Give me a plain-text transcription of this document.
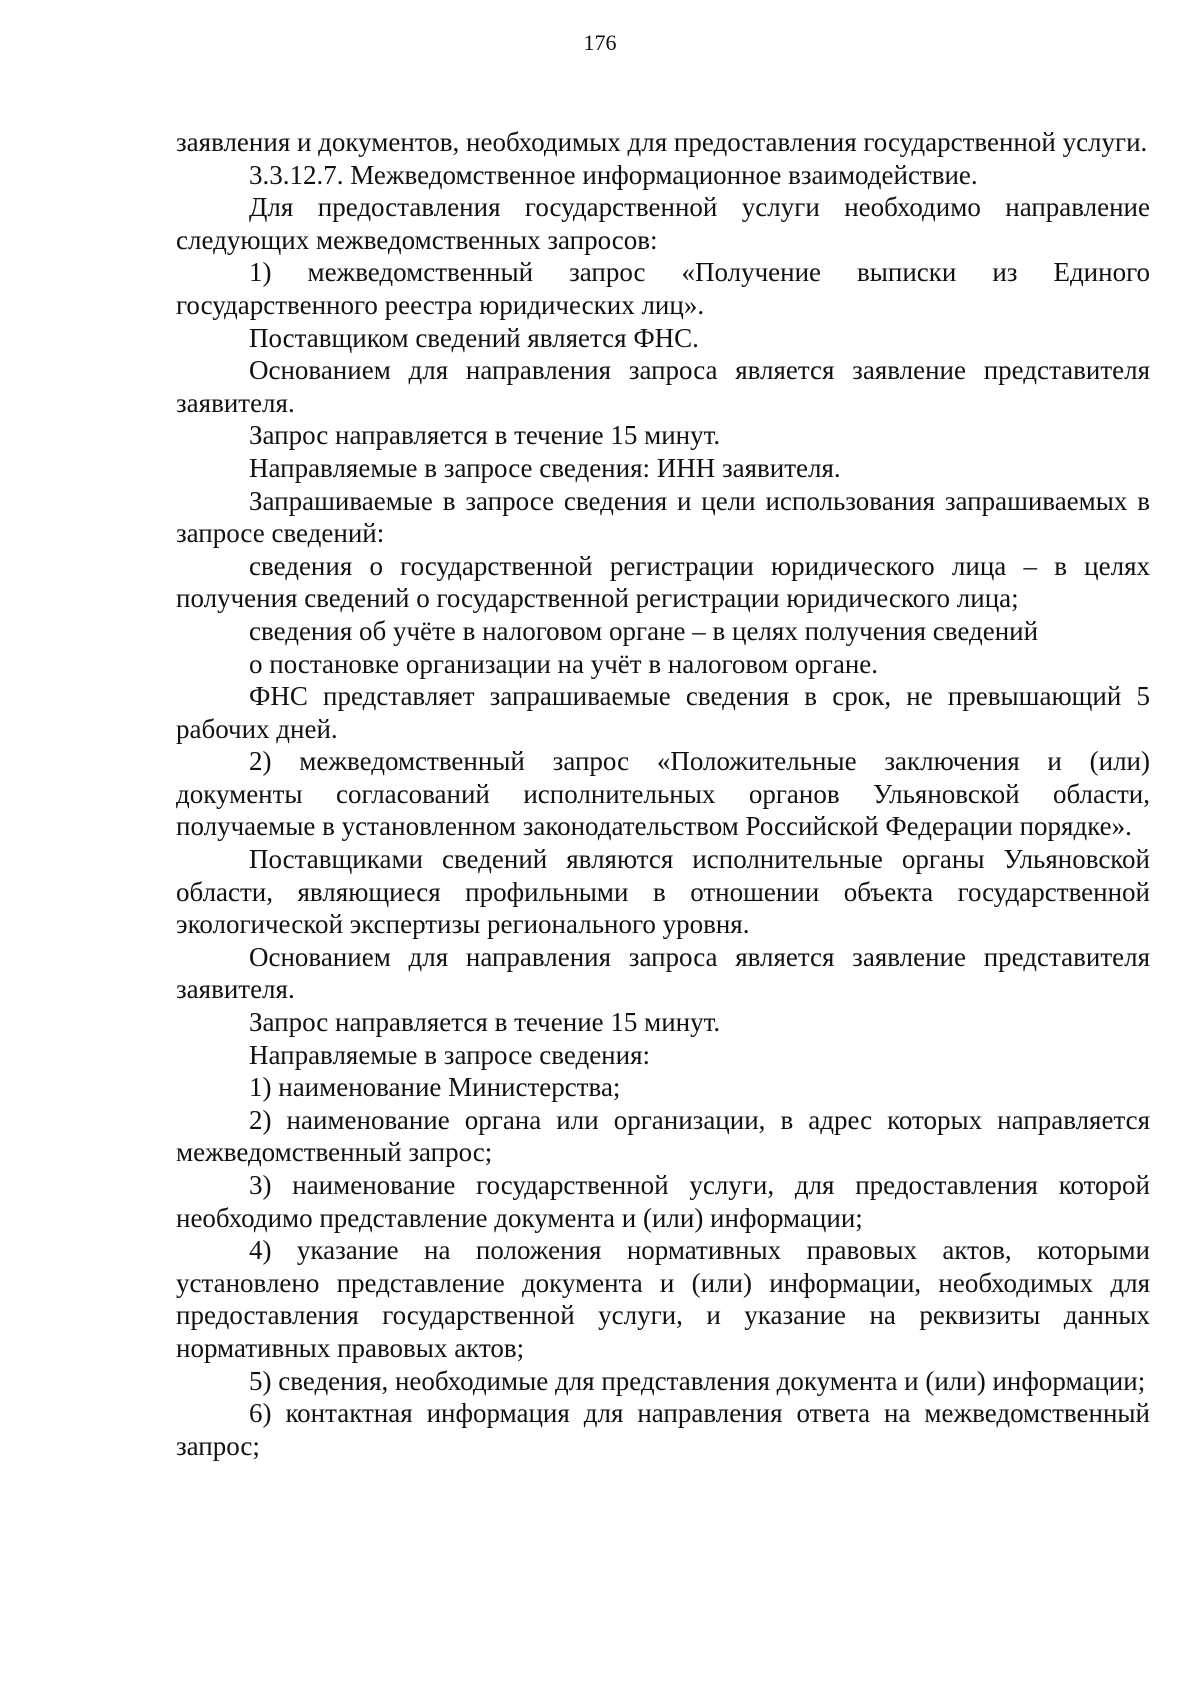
176

заявления и документов, необходимых для предоставления государственной услуги.

3.3.12.7. Межведомственное информационное взаимодействие.

Для предоставления государственной услуги необходимо направление следующих межведомственных запросов:

1) межведомственный запрос «Получение выписки из Единого государственного реестра юридических лиц».

Поставщиком сведений является ФНС.

Основанием для направления запроса является заявление представителя заявителя.

Запрос направляется в течение 15 минут.

Направляемые в запросе сведения: ИНН заявителя.

Запрашиваемые в запросе сведения и цели использования запрашиваемых в запросе сведений:

сведения о государственной регистрации юридического лица – в целях получения сведений о государственной регистрации юридического лица;

сведения об учёте в налоговом органе – в целях получения сведений

о постановке организации на учёт в налоговом органе.

ФНС представляет запрашиваемые сведения в срок, не превышающий 5 рабочих дней.

2) межведомственный запрос «Положительные заключения и (или) документы согласований исполнительных органов Ульяновской области, получаемые в установленном законодательством Российской Федерации порядке».

Поставщиками сведений являются исполнительные органы Ульяновской области, являющиеся профильными в отношении объекта государственной экологической экспертизы регионального уровня.

Основанием для направления запроса является заявление представителя заявителя.

Запрос направляется в течение 15 минут.

Направляемые в запросе сведения:

1) наименование Министерства;

2) наименование органа или организации, в адрес которых направляется межведомственный запрос;

3) наименование государственной услуги, для предоставления которой необходимо представление документа и (или) информации;

4) указание на положения нормативных правовых актов, которыми установлено представление документа и (или) информации, необходимых для предоставления государственной услуги, и указание на реквизиты данных нормативных правовых актов;

5) сведения, необходимые для представления документа и (или) информации;

6) контактная информация для направления ответа на межведомственный запрос;
